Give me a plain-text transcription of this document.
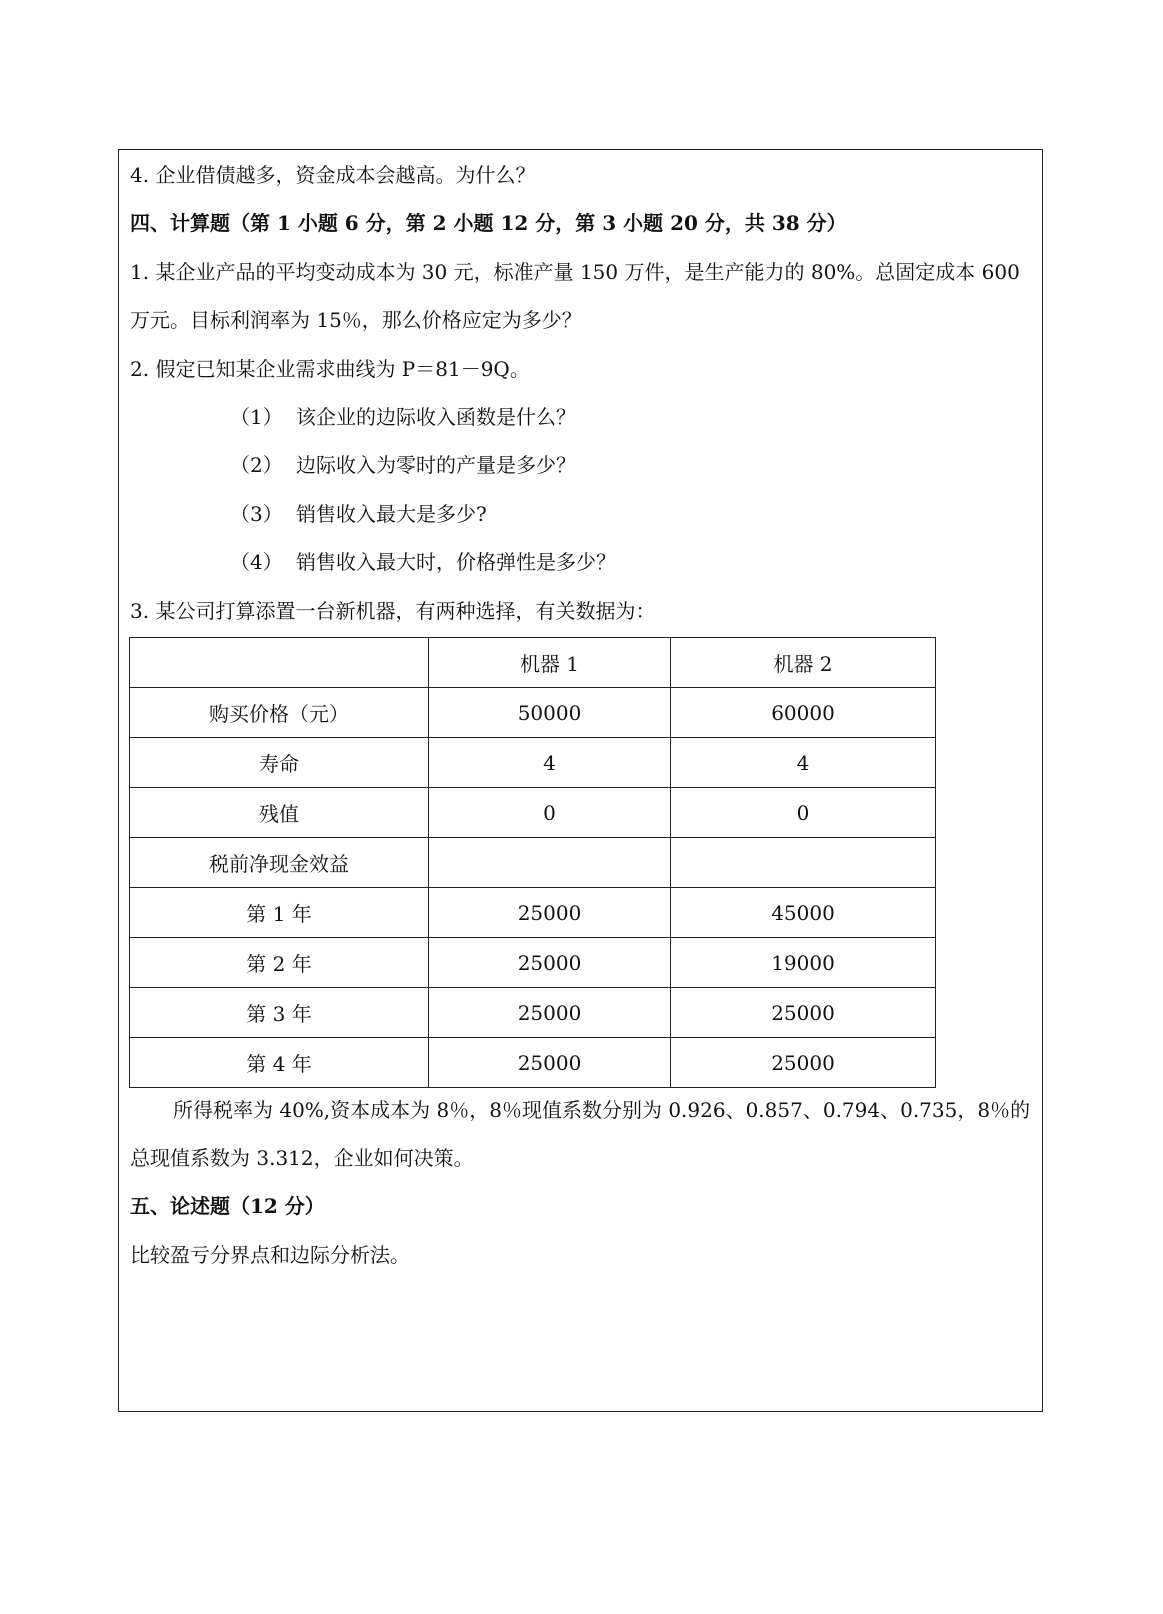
4. 企业借债越多，资金成本会越高。为什么？
四、计算题（第 1 小题 6 分，第 2 小题 12 分，第 3 小题 20 分，共 38 分）
1. 某企业产品的平均变动成本为 30 元，标准产量 150 万件，是生产能力的 80%。总固定成本 600
万元。目标利润率为 15％，那么价格应定为多少？
2. 假定已知某企业需求曲线为 P＝81－9Q。
（1） 该企业的边际收入函数是什么？
（2） 边际收入为零时的产量是多少？
（3） 销售收入最大是多少?
（4） 销售收入最大时，价格弹性是多少？
3. 某公司打算添置一台新机器，有两种选择，有关数据为：
	机器 1	机器 2
购买价格（元）	50000	60000
寿命	4	4
残值	0	0
税前净现金效益		
第 1 年	25000	45000
第 2 年	25000	19000
第 3 年	25000	25000
第 4 年	25000	25000
所得税率为 40%,资本成本为 8％，8％现值系数分别为 0.926、0.857、0.794、0.735，8％的
总现值系数为 3.312，企业如何决策。
五、论述题（12 分）
比较盈亏分界点和边际分析法。
